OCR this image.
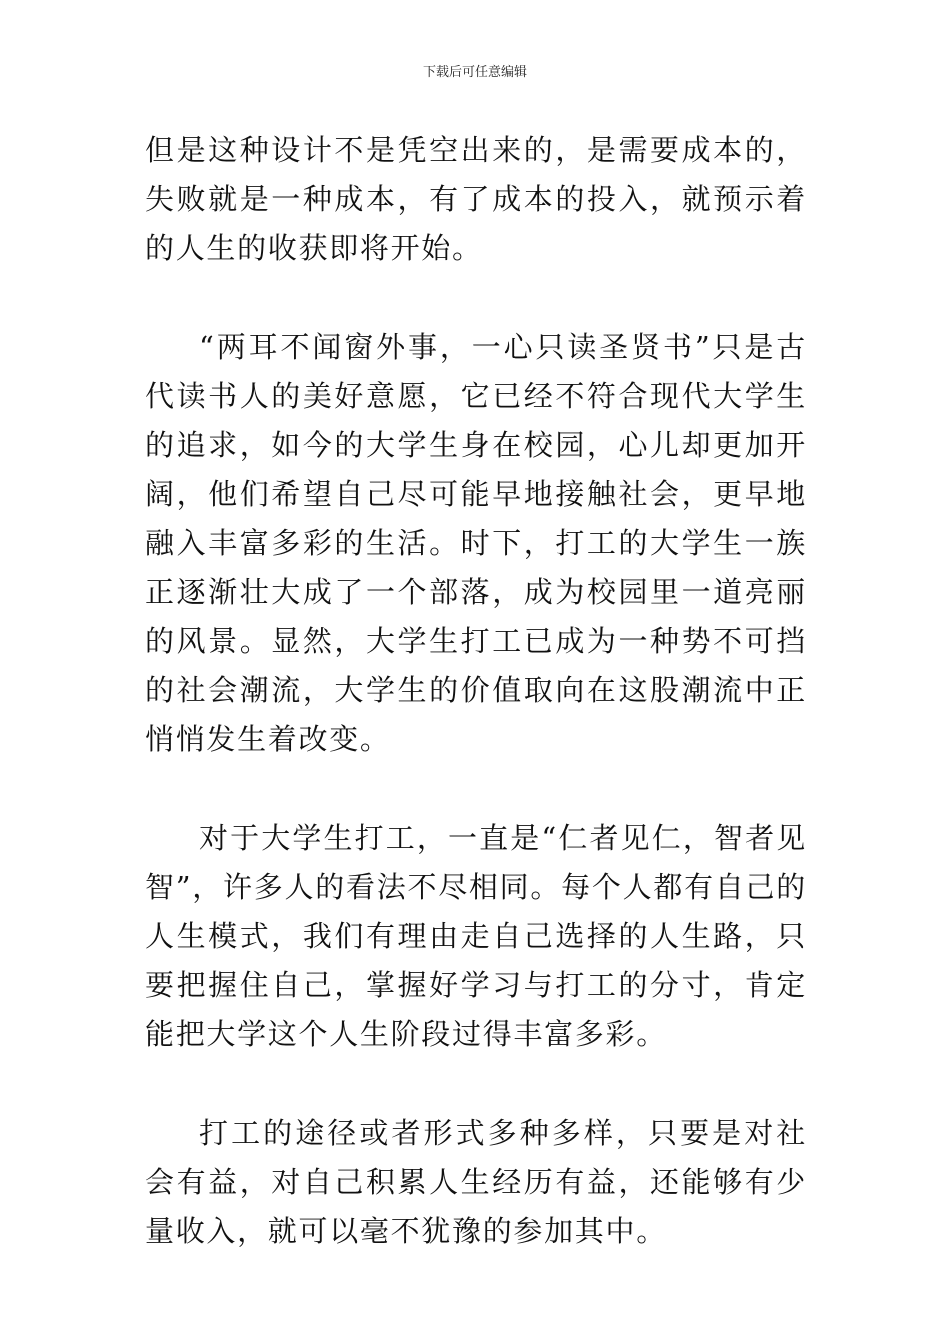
下载后可任意编辑

但是这种设计不是凭空出来的，是需要成本的，失败就是一种成本，有了成本的投入，就预示着的人生的收获即将开始。

“两耳不闻窗外事，一心只读圣贤书”只是古代读书人的美好意愿，它已经不符合现代大学生的追求，如今的大学生身在校园，心儿却更加开阔，他们希望自己尽可能早地接触社会，更早地融入丰富多彩的生活。时下，打工的大学生一族正逐渐壮大成了一个部落，成为校园里一道亮丽的风景。显然，大学生打工已成为一种势不可挡的社会潮流，大学生的价值取向在这股潮流中正悄悄发生着改变。

对于大学生打工，一直是“仁者见仁，智者见智”，许多人的看法不尽相同。每个人都有自己的人生模式，我们有理由走自己选择的人生路，只要把握住自己，掌握好学习与打工的分寸，肯定能把大学这个人生阶段过得丰富多彩。

打工的途径或者形式多种多样，只要是对社会有益，对自己积累人生经历有益，还能够有少量收入，就可以毫不犹豫的参加其中。
